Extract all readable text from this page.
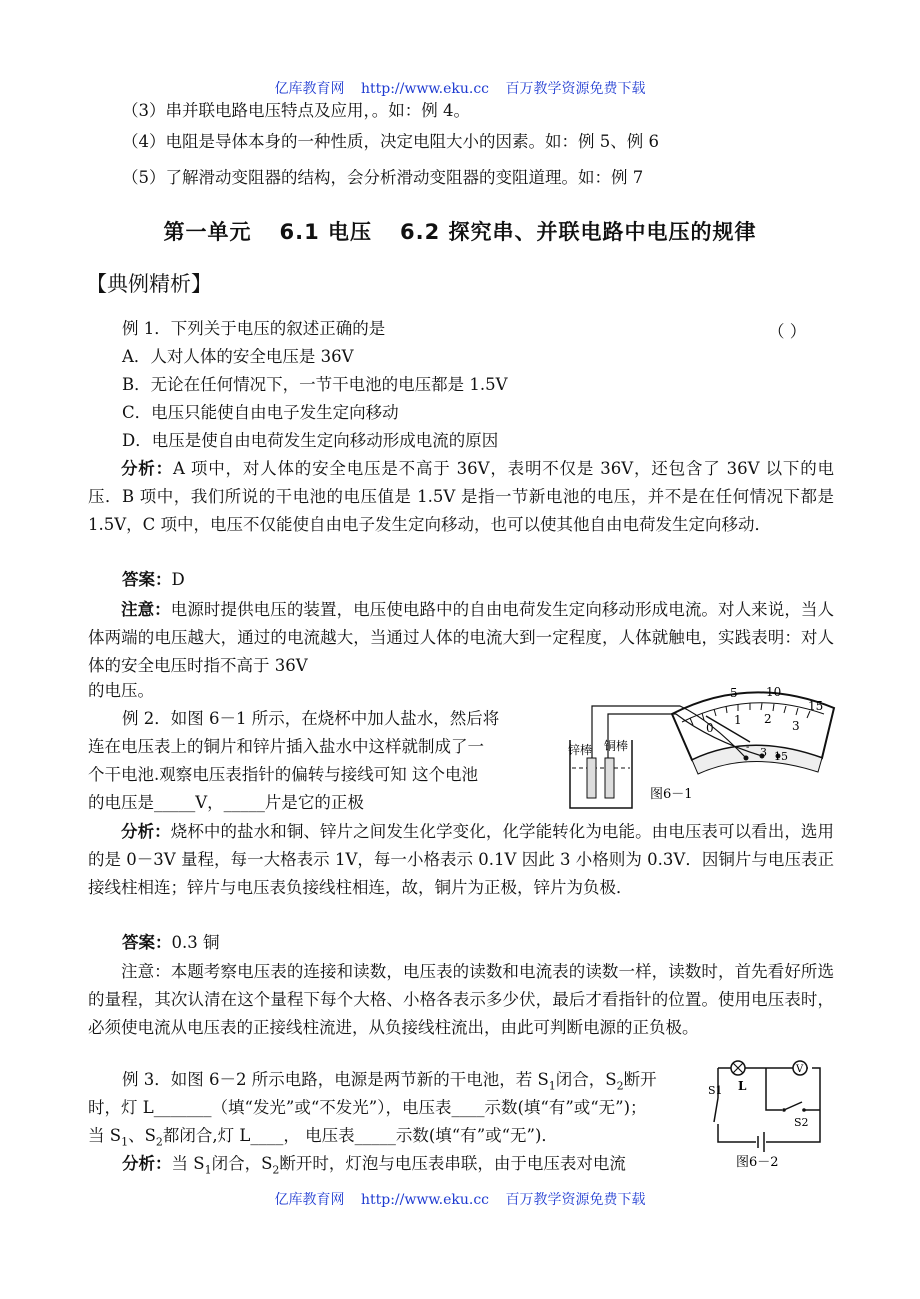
亿库教育网 http://www.eku.cc 百万教学资源免费下载
（3）串并联电路电压特点及应用，。如：例 4。
（4）电阻是导体本身的一种性质，决定电阻大小的因素。如：例 5、例 6
（5）了解滑动变阻器的结构，会分析滑动变阻器的变阻道理。如：例 7
第一单元 6.1 电压 6.2 探究串、并联电路中电压的规律
【典例精析】
例 1．下列关于电压的叙述正确的是	（ ）
A．人对人体的安全电压是 36V
B．无论在任何情况下，一节干电池的电压都是 1.5V
C．电压只能使自由电子发生定向移动
D．电压是使自由电荷发生定向移动形成电流的原因
分析：A 项中，对人体的安全电压是不高于 36V，表明不仅是 36V，还包含了 36V 以下的电压．B 项中，我们所说的干电池的电压值是 1.5V 是指一节新电池的电压，并不是在任何情况下都是 1.5V，C 项中，电压不仅能使自由电子发生定向移动，也可以使其他自由电荷发生定向移动．
答案：D
注意：电源时提供电压的装置，电压使电路中的自由电荷发生定向移动形成电流。对人来说，当人体两端的电压越大，通过的电流越大，当通过人体的电流大到一定程度，人体就触电，实践表明：对人体的安全电压时指不高于 36V
的电压。
例 2．如图 6－1 所示，在烧杯中加人盐水，然后将
连在电压表上的铜片和锌片插入盐水中这样就制成了一
个干电池.观察电压表指针的偏转与接线可知 这个电池
的电压是_____V，_____片是它的正极
5 10
15
0
1 2 3
- 3 15
锌棒 铜棒
图6－1
分析：烧杯中的盐水和铜、锌片之间发生化学变化，化学能转化为电能。由电压表可以看出，选用的是 0－3V 量程，每一大格表示 1V，每一小格表示 0.1V 因此 3 小格则为 0.3V．因铜片与电压表正接线柱相连；锌片与电压表负接线柱相连，故，铜片为正极，锌片为负极．
答案：0.3 铜
注意：本题考察电压表的连接和读数，电压表的读数和电流表的读数一样，读数时，首先看好所选的量程，其次认清在这个量程下每个大格、小格各表示多少伏，最后才看指针的位置。使用电压表时，必须使电流从电压表的正接线柱流进，从负接线柱流出，由此可判断电源的正负极。
例 3．如图 6－2 所示电路，电源是两节新的干电池，若 $S_1$闭合，$S_2$断开
时，灯 L_______（填“发光”或“不发光”），电压表____示数(填“有”或“无”)；
当 $S_1$、$S_2$都闭合,灯 L____， 电压表_____示数(填“有”或“无”)．
分析：当 $S_1$闭合，$S_2$断开时，灯泡与电压表串联，由于电压表对电流
V
L
S1
S2
图6－2
亿库教育网 http://www.eku.cc 百万教学资源免费下载
